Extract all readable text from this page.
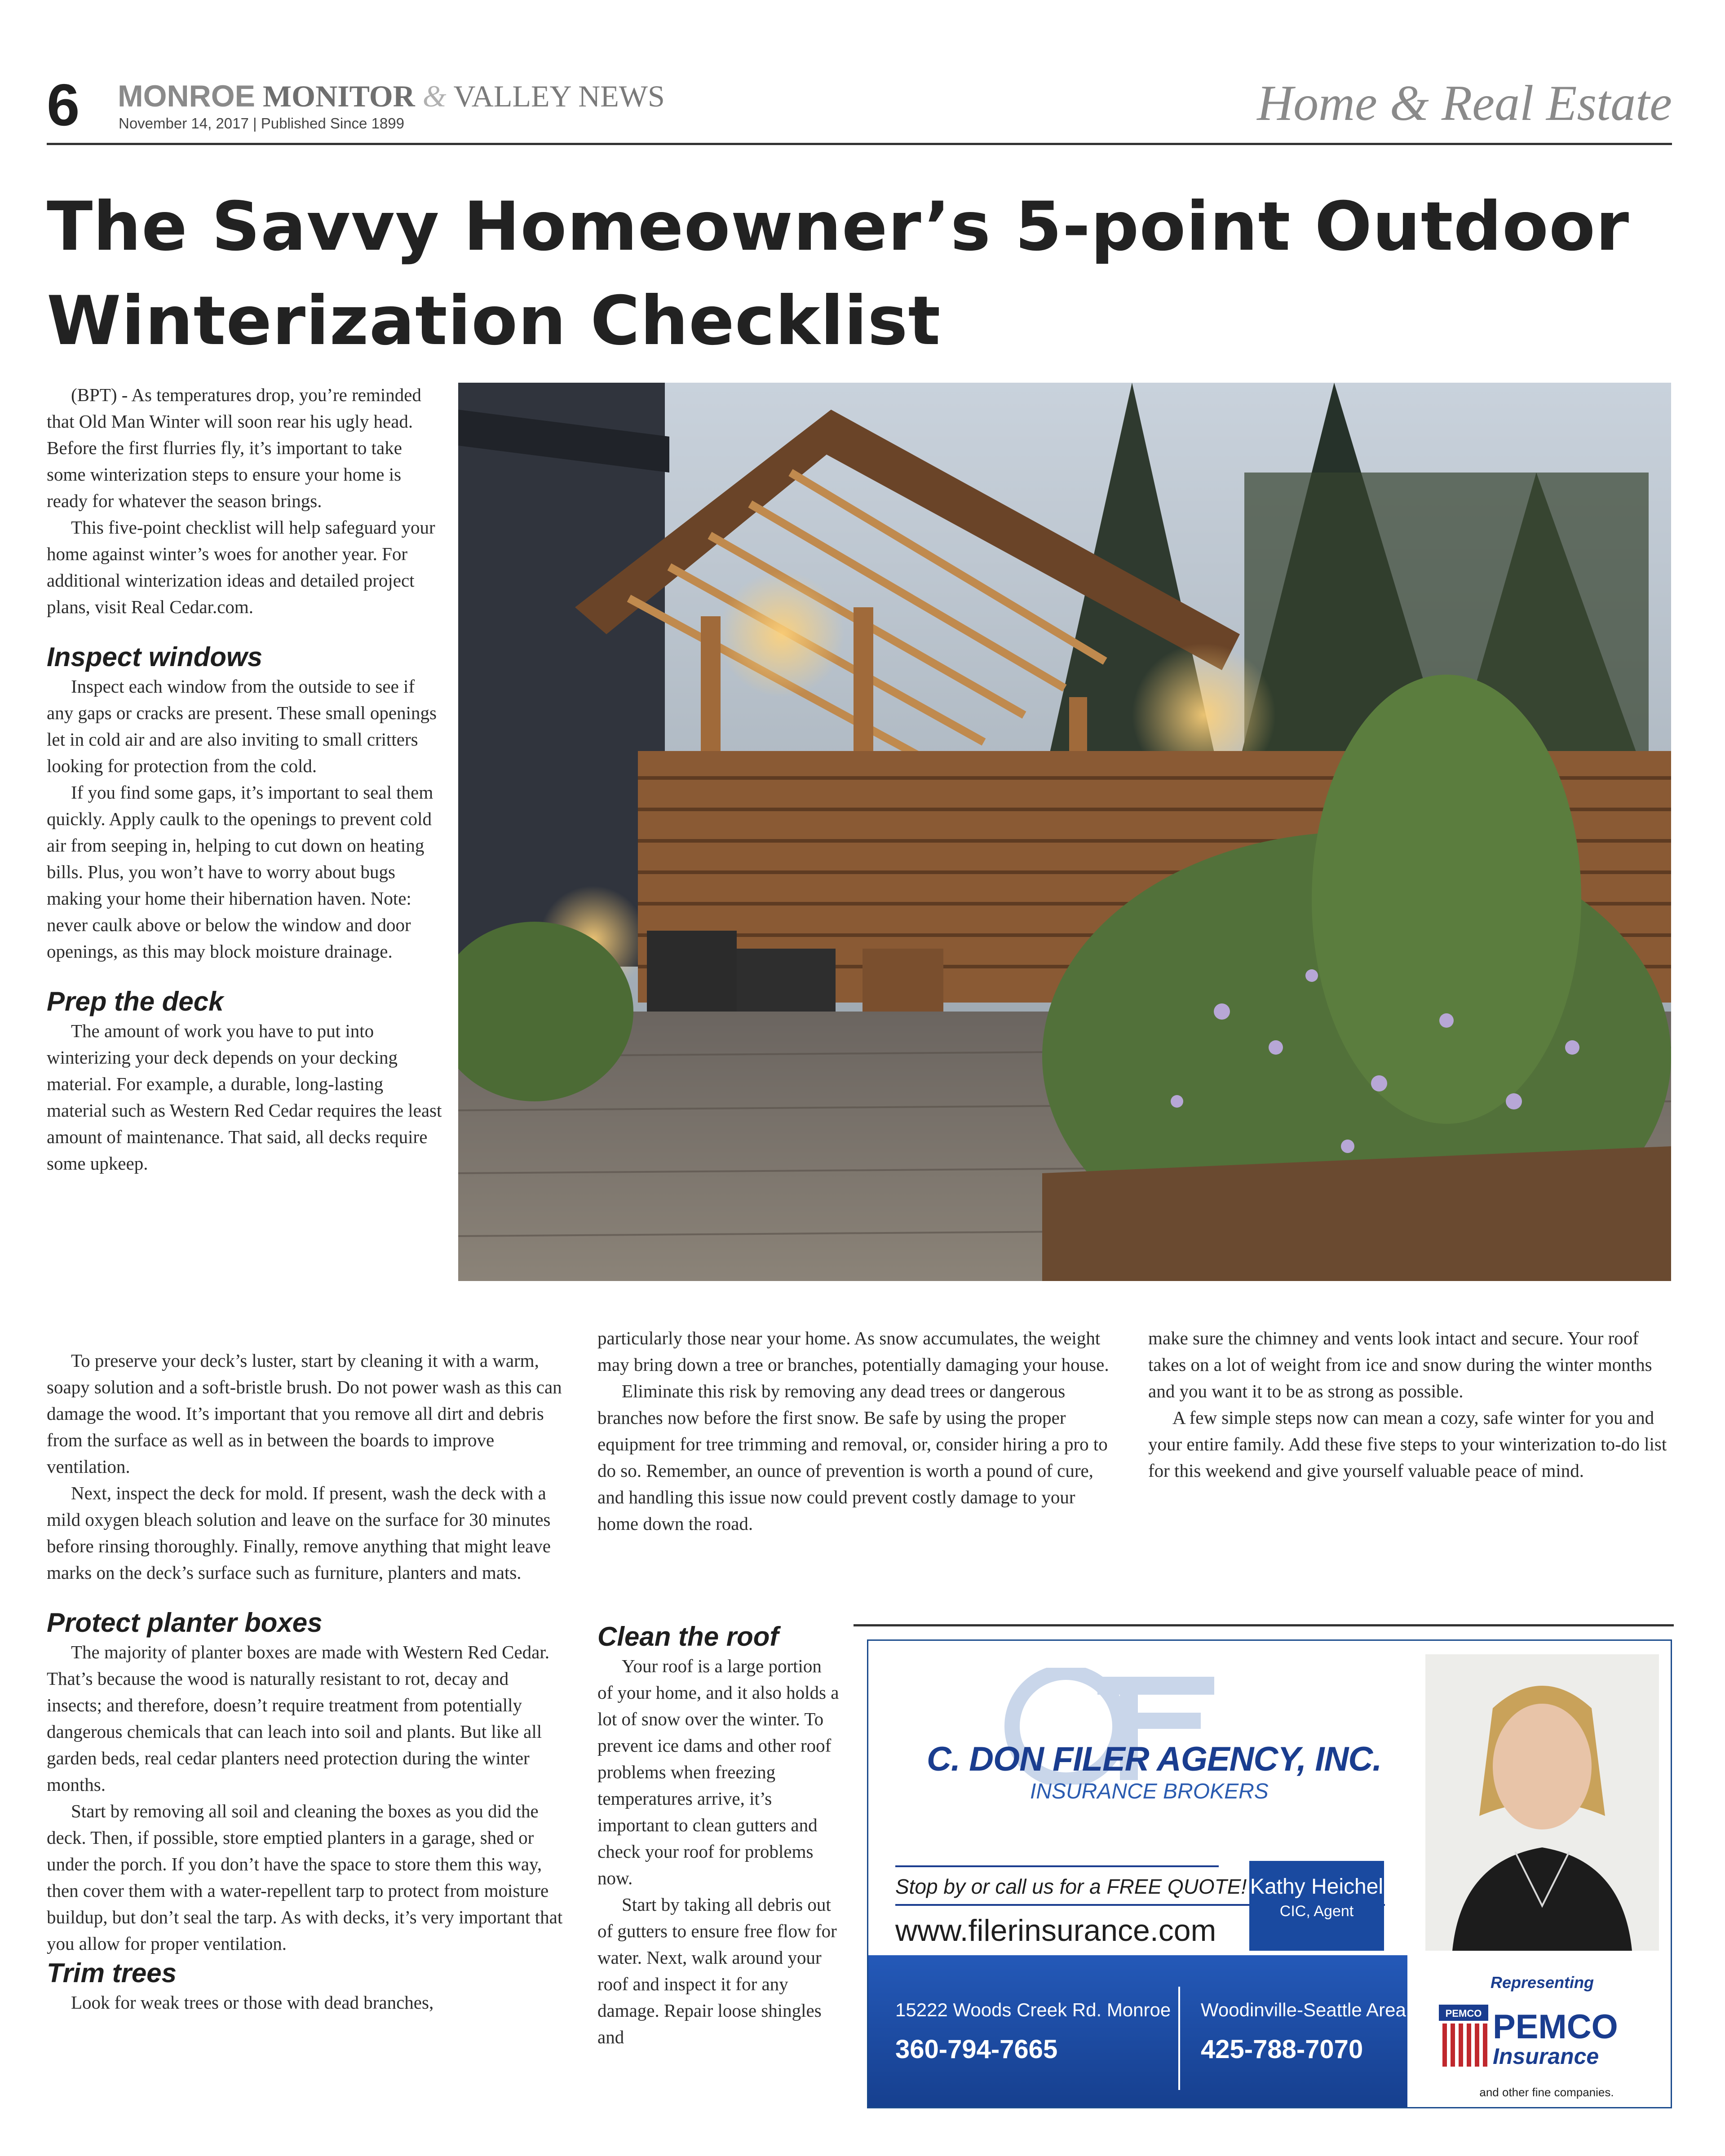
6 MONROE MONITOR & VALLEY NEWS
November 14, 2017 | Published Since 1899	Home & Real Estate
The Savvy Homeowner’s 5-point Outdoor Winterization Checklist

(BPT) - As temperatures drop, you’re reminded that Old Man Winter will soon rear his ugly head. Before the first flurries fly, it’s important to take some winterization steps to ensure your home is ready for whatever the season brings.

This five-point checklist will help safeguard your home against winter’s woes for another year. For additional winterization ideas and detailed project plans, visit Real Cedar.com.

Inspect windows

Inspect each window from the outside to see if any gaps or cracks are present. These small openings let in cold air and are also inviting to small critters looking for protection from the cold.

If you find some gaps, it’s important to seal them quickly. Apply caulk to the openings to prevent cold air from seeping in, helping to cut down on heating bills. Plus, you won’t have to worry about bugs making your home their hibernation haven. Note: never caulk above or below the window and door openings, as this may block moisture drainage.

Prep the deck

The amount of work you have to put into winterizing your deck depends on your decking material. For example, a durable, long-lasting material such as Western Red Cedar requires the least amount of maintenance. That said, all decks require some upkeep.

To preserve your deck’s luster, start by cleaning it with a warm, soapy solution and a soft-bristle brush. Do not power wash as this can damage the wood. It’s important that you remove all dirt and debris from the surface as well as in between the boards to improve ventilation.

Next, inspect the deck for mold. If present, wash the deck with a mild oxygen bleach solution and leave on the surface for 30 minutes before rinsing thoroughly. Finally, remove anything that might leave marks on the deck’s surface such as furniture, planters and mats.

Protect planter boxes

The majority of planter boxes are made with Western Red Cedar. That’s because the wood is naturally resistant to rot, decay and insects; and therefore, doesn’t require treatment from potentially dangerous chemicals that can leach into soil and plants. But like all garden beds, real cedar planters need protection during the winter months.

Start by removing all soil and cleaning the boxes as you did the deck. Then, if possible, store emptied planters in a garage, shed or under the porch. If you don’t have the space to store them this way, then cover them with a water-repellent tarp to protect from moisture buildup, but don’t seal the tarp. As with decks, it’s very important that you allow for proper ventilation.

Trim trees

Look for weak trees or those with dead branches,

particularly those near your home. As snow accumulates, the weight may bring down a tree or branches, potentially damaging your house.

Eliminate this risk by removing any dead trees or dangerous branches now before the first snow. Be safe by using the proper equipment for tree trimming and removal, or, consider hiring a pro to do so. Remember, an ounce of prevention is worth a pound of cure, and handling this issue now could prevent costly damage to your home down the road.

Clean the roof

Your roof is a large portion of your home, and it also holds a lot of snow over the winter. To prevent ice dams and other roof problems when freezing temperatures arrive, it’s important to clean gutters and check your roof for problems now.

Start by taking all debris out of gutters to ensure free flow for water. Next, walk around your roof and inspect it for any damage. Repair loose shingles and

make sure the chimney and vents look intact and secure. Your roof takes on a lot of weight from ice and snow during the winter months and you want it to be as strong as possible.

A few simple steps now can mean a cozy, safe winter for you and your entire family. Add these five steps to your winterization to-do list for this weekend and give yourself valuable peace of mind.

C. DON FILER AGENCY, INC.
INSURANCE BROKERS
Stop by or call us for a FREE QUOTE!
www.filerinsurance.com
Kathy Heichel
CIC, Agent
15222 Woods Creek Rd. Monroe
360-794-7665
Woodinville-Seattle Area
425-788-7070
Representing
PEMCO PEMCO
Insurance
and other fine companies.
